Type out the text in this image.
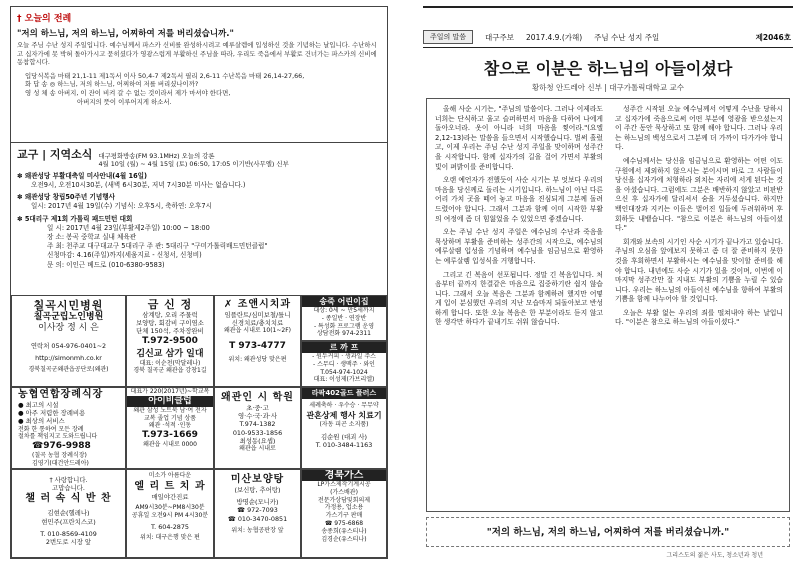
† 오늘의 전례
"저의 하느님, 저의 하느님, 어찌하여 저를 버리셨습니까."
오늘 주님 수난 성지 주일입니다. 예수님께서 파스카 신비를 완성하시려고 예루살렘에 입성하신 것을 기념하는 날입니다. 수난하시고 십자가에 못 박혀 돌아가시고 묻히셨다가 영광스럽게 부활하신 주님을 따라, 우리도 죽음에서 부활로 건너가는 파스카의 신비에 동참합시다.
입당식복음 마태 21,1-11 제1독서 이사 50,4-7 제2독서 필리 2,6-11 수난복음 마태 26,14-27,66,
화 답 송 ◎ 하느님, 저의 하느님, 어찌하여 저를 버리셨나이까?
영 성 체 송 아버지, 이 잔이 비켜 갈 수 없는 것이라서 제가 마셔야 한다면,
아버지의 뜻이 이루어지게 하소서.
교구 | 지역소식 대구평화방송(FM 93.1MHz) 오늘의 강론
4월 10일 (월) ~ 4월 15일 (토) 06:50, 17:05 이기반(사무엘) 신부
✽ 왜관성당 부활대축일 미사안내(4월 16일)
오전9시, 오전10시30분, (새벽 6시30분, 저녁 7시30분 미사는 없습니다.)
✽ 왜관성당 창립50주년 기념행사
일시: 2017년 4월 19일(수) 기념식: 오후5시, 축하연: 오후7시
✽ 5대리구 제1회 가톨릭 패드민턴 대회
일 시: 2017년 4월 23일(부활제2주일) 10:00 ~ 18:00
장 소: 봉곡 중학교 실내 체육관
주 최: 천주교 대구대교구 5대리구 주 관: 5대리구 "구미가톨릭배드민턴클럽"
신청마감: 4.16(주일)까지(세움지료 - 신청서, 신청비)
문 의: 이인근 베드로 (010-6380-9583)
칠곡시민병원
칠곡군립노인병원
이사장 정 시 은
연락처 054-976-0401~2
http://simonmh.co.kr
경북칠곡군왜관읍공단로(왜관)
금 신 정
삼계탕, 오리 주물럭
보양탕, 회감비 구이염소
단체 150석, 주차장완비
T.972-9500
김신교 삼가 일대
대표: 이순천(막달레나)
경북 칠곡군 왜관읍 강창1길
✗ 조앤시치과
임플란트/심미보철/틀니
신경치료/충치치료
왜관읍 시내로 10(1~2F)
T 973-4777
위치: 왜관성당 맞은편
송죽 어린이집
대상: 0세 ~ 만5세까지
- 종일반 · 연장반
- 특성화 프로그램 운영
상담전화 974-2311
르 까 프
- 원두커피 · 생과일 주스
- 스무디 · 생맥주 · 와인
T.054-974-1024
대표: 이성제(가브리엘)
농협연합장례식장
● 최고의 시설
● 아주 저렴한 장례비용
● 최상의 서비스
전화 한 통하여 모든 장례
절차를 책임지고 도와드립니다
☎976-9988
(칠곡 농협 장례식장)
김영기(대건안드레아)
대표가 220(2017년)~학교복
아이비클럽
왜관 삼성 노트북 남·여 전자
교복 졸업 기념 상품
왜관 ·석적 ·인동
T.973-1669
왜관읍 시내로 0000
왜관인 시 학원
초·중·고
영·수·국·과·사
T.974-1382
010-9533-1856
최성동(요셉)
왜관읍 시내로
라팍402골드 플러스
세례축하 · 우수승 · 무무약
관혼상제 행사 치료기
(자동 피곤 소지품)
김순원 (대괴 사)
T. 010-3484-1163
† 사랑합니다.
고맙습니다.
챌 러 속 식 반 찬
김현순(헬레나)
현민주(프란치스코)
T. 010-8569-4109
2번도로 시장 앞
미소가 아름다운
엘 리 트 치 과
매일야간진료
AM9시30분~PM8시30분
공휴일 오전9시 PM 4시30분
T. 604-2875
위치: 대구은행 맞은 편
미산보양탕
(보신탕, 추어탕)
방명순(모니카)
☎ 972-7093
☎ 010-3470-0851
위치: 농협공판장 앞
경북가스
LP가스제작기계시공
(가스배관)
전문가상담및회의제
가정용, 업소용
가스기구 판매
☎ 975-6868
송종희(유스티나)
김경순(유스티나)
주일의 말씀	대구주보 2017.4.9.(가해) 주님 수난 성지 주일	제2046호
참으로 이분은 하느님의 아들이셨다
황하청 안드레아 신부 | 대구가톨릭대학교 교수

올해 사순 시기는, "주님의 말씀이다. 그러나 이제라도 너희는 단식하고 울고 슬퍼하면서 마음을 다하여 나에게 돌아오너라. 옷이 아니라 너희 마음을 찢어라."(요엘 2,12-13)라는 말씀을 들으면서 시작했습니다. 벌써 흘렀고, 이제 우리는 주님 수난 성지 주일을 맞이하며 성주간을 시작합니다. 함께 십자가의 길을 걸어 가면서 부활의 빛이 펴밝이를 준비합니다.

오랜 예언자가 전했듯이 사순 시기는 부 엇보다 우리의 마음을 당신께로 돌리는 시기입니다. 하느님이 아닌 다른 어리 가치 곳을 떼어 놓고 마음을 진심되게 그분께 돌려드렸어야 합니다. 그래서 그분과 함께 이미 시작한 부활의 여정에 좀 더 힘잃었을 수 있었으면 좋겠습니다.

오는 주님 수난 성지 주일은 예수님의 수난과 죽음을 묵상하며 부활을 준비하는 성주간의 시작으로, 예수님의 예루살렘 입성을 기념하며 예수님을 임금님으로 환영하는 예루살렘 입성식을 거행합니다.

그리고 긴 복음이 선포됩니다. 정말 긴 복음입니다. 처음부터 끝까지 한결같은 마음으로 집중하기란 쉽지 않습니다. 그래서 오늘 복음은 그분과 함께하려 했지만 어떻게 입이 분심했던 우리의 지난 모습마저 되돌아보고 반성하게 합니다. 또한 오늘 복음은 한 부분이라도 듣지 않고 한 생각만 하다가 끝내기도 쉬워 않습니다.

성주간 시작된 오늘 예수님께서 어떻게 수난을 당하시고 십자가에 죽음으로써 어떤 부분에 영광을 받으셨는지 이 주간 동안 묵상하고 또 함께 해야 합니다. 그러나 우리는 하느님의 백성으로서 그분께 더 가까이 다가가야 합니다.

예수님께서는 당신을 임금님으로 환영하는 어떤 이도 구원에서 제외하지 않으시는 분이시며 바로 그 사람들이 당신을 십자가에 처형하라 외치는 자리에 서게 된다는 것을 아셨습니다. 그럼에도 그분은 배반하지 않았고 비판받으신 후 십자가에 달리셔서 숨을 거두셨습니다. 하지만 백인대장과 지키는 이들은 벌어진 일들에 두려워하며 후회하듯 내뱉습니다. "참으로 이분은 하느님의 아들이셨다."

회개와 보속의 시기인 사순 시기가 끝나가고 있습니다. 주님의 오심을 앞에보지 못하고 좀 더 잘 준비하지 못한 것을 후회하면서 부활하시는 예수님을 맞이할 준비를 해야 합니다. 내년에도 사순 시기가 있을 것이며, 이번에 이 마지막 성주간만 잘 지내도 부활의 기쁨을 누릴 수 있습니다. 우리는 하느님의 아들이신 예수님을 향하여 부활의 기쁨을 함께 나누어야 할 것입니다.

오늘은 부활 없는 우리의 죄를 떨쳐내야 하는 날입니다. "이분은 참으로 하느님의 아들이셨다."

"저의 하느님, 저의 하느님, 어찌하여 저를 버리셨습니까."
그리스도의 젊은 사도, 청소년과 청년
